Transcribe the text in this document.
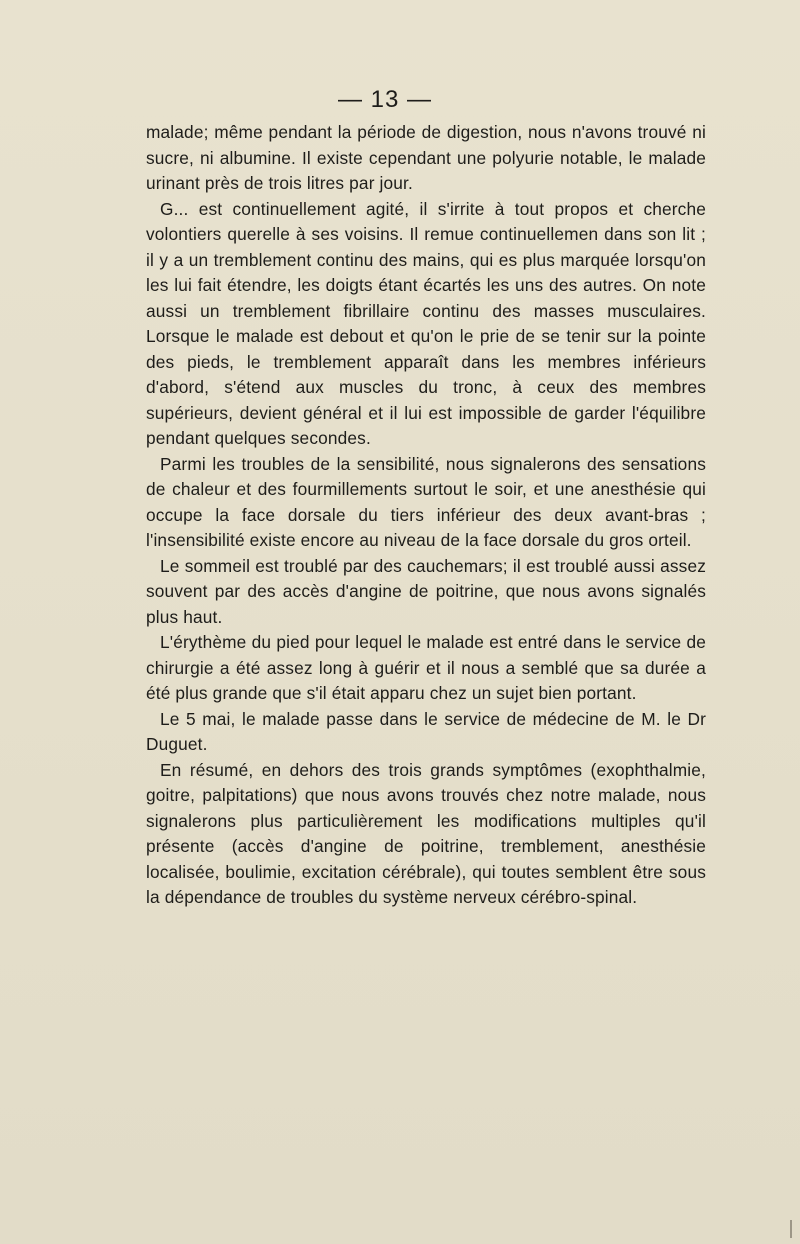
— 13 —

malade; même pendant la période de digestion, nous n'avons trouvé ni sucre, ni albumine. Il existe cependant une polyurie notable, le malade urinant près de trois litres par jour.

G... est continuellement agité, il s'irrite à tout propos et cherche volontiers querelle à ses voisins. Il remue continuellemen dans son lit ; il y a un tremblement continu des mains, qui es plus marquée lorsqu'on les lui fait étendre, les doigts étant écartés les uns des autres. On note aussi un tremblement fibrillaire continu des masses musculaires. Lorsque le malade est debout et qu'on le prie de se tenir sur la pointe des pieds, le tremblement apparaît dans les membres inférieurs d'abord, s'étend aux muscles du tronc, à ceux des membres supérieurs, devient général et il lui est impossible de garder l'équilibre pendant quelques secondes.

Parmi les troubles de la sensibilité, nous signalerons des sensations de chaleur et des fourmillements surtout le soir, et une anesthésie qui occupe la face dorsale du tiers inférieur des deux avant-bras ; l'insensibilité existe encore au niveau de la face dorsale du gros orteil.

Le sommeil est troublé par des cauchemars; il est troublé aussi assez souvent par des accès d'angine de poitrine, que nous avons signalés plus haut.

L'érythème du pied pour lequel le malade est entré dans le service de chirurgie a été assez long à guérir et il nous a semblé que sa durée a été plus grande que s'il était apparu chez un sujet bien portant.

Le 5 mai, le malade passe dans le service de médecine de M. le Dr Duguet.

En résumé, en dehors des trois grands symptômes (exophthalmie, goitre, palpitations) que nous avons trouvés chez notre malade, nous signalerons plus particulièrement les modifications multiples qu'il présente (accès d'angine de poitrine, tremblement, anesthésie localisée, boulimie, excitation cérébrale), qui toutes semblent être sous la dépendance de troubles du système nerveux cérébro-spinal.
